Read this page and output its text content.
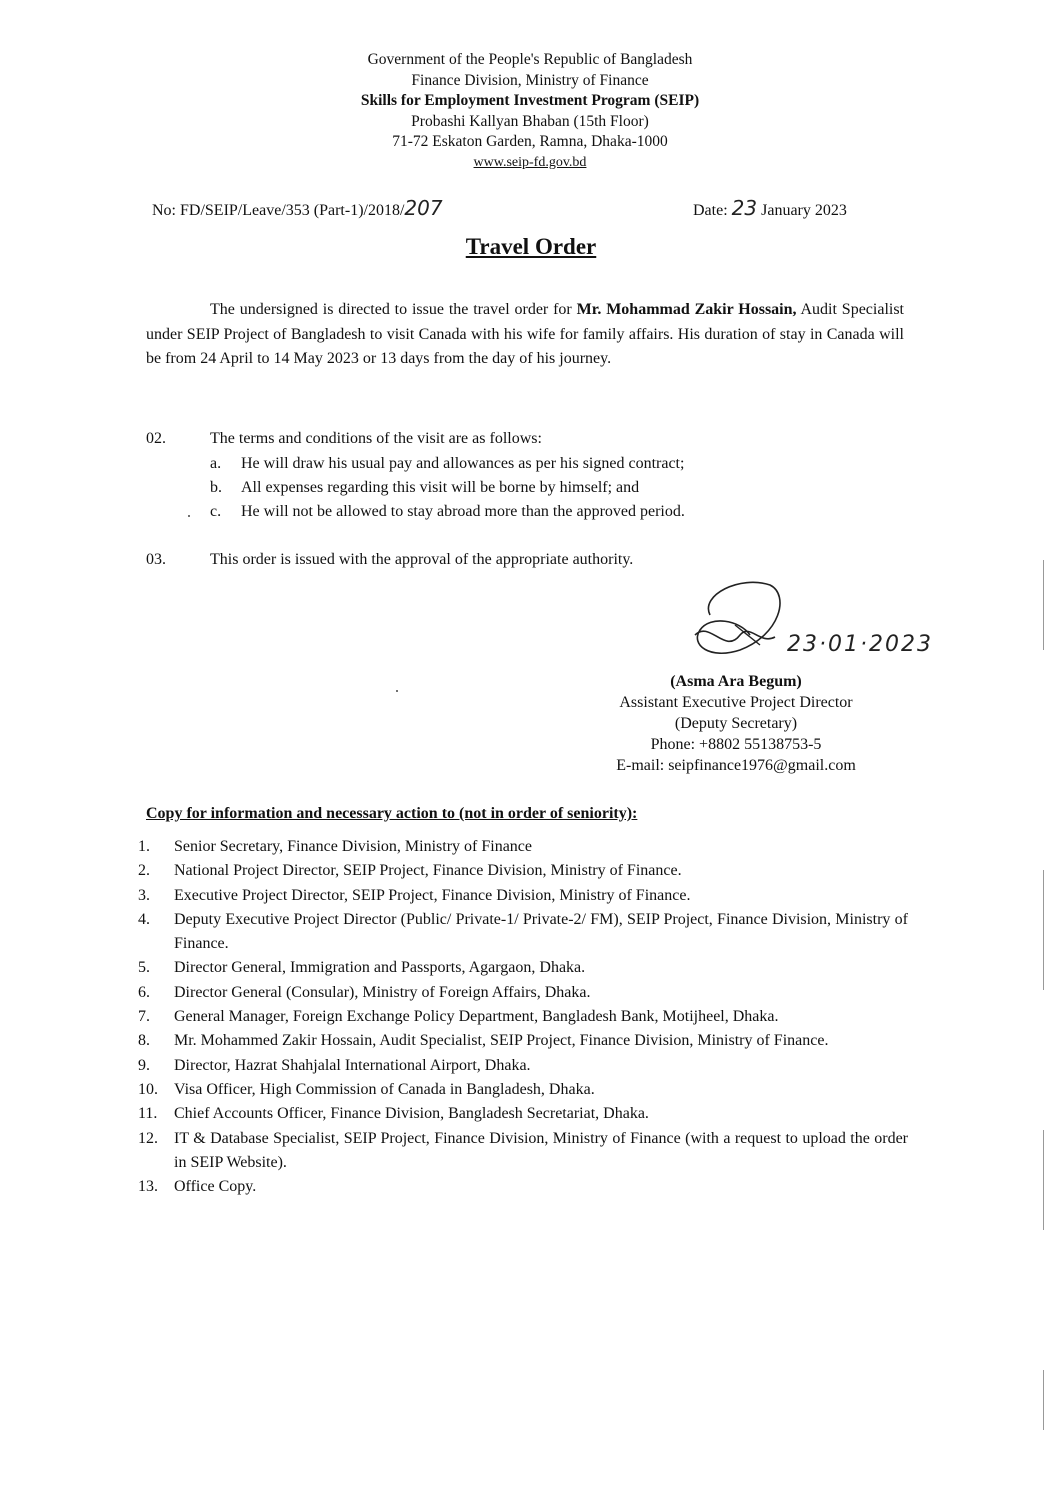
Government of the People's Republic of Bangladesh
Finance Division, Ministry of Finance
Skills for Employment Investment Program (SEIP)
Probashi Kallyan Bhaban (15th Floor)
71-72 Eskaton Garden, Ramna, Dhaka-1000
www.seip-fd.gov.bd
No: FD/SEIP/Leave/353 (Part-1)/2018/207	Date: 23 January 2023
Travel Order
The undersigned is directed to issue the travel order for Mr. Mohammad Zakir Hossain, Audit Specialist under SEIP Project of Bangladesh to visit Canada with his wife for family affairs. His duration of stay in Canada will be from 24 April to 14 May 2023 or 13 days from the day of his journey.
02.	The terms and conditions of the visit are as follows:
a. He will draw his usual pay and allowances as per his signed contract;
b. All expenses regarding this visit will be borne by himself; and
c. He will not be allowed to stay abroad more than the approved period.
03.	This order is issued with the approval of the appropriate authority.
23·01·2023
(Asma Ara Begum)
Assistant Executive Project Director
(Deputy Secretary)
Phone: +8802 55138753-5
E-mail: seipfinance1976@gmail.com
Copy for information and necessary action to (not in order of seniority):
1.	Senior Secretary, Finance Division, Ministry of Finance
2.	National Project Director, SEIP Project, Finance Division, Ministry of Finance.
3.	Executive Project Director, SEIP Project, Finance Division, Ministry of Finance.
4.	Deputy Executive Project Director (Public/ Private-1/ Private-2/ FM), SEIP Project, Finance Division, Ministry of Finance.
5.	Director General, Immigration and Passports, Agargaon, Dhaka.
6.	Director General (Consular), Ministry of Foreign Affairs, Dhaka.
7.	General Manager, Foreign Exchange Policy Department, Bangladesh Bank, Motijheel, Dhaka.
8.	Mr. Mohammed Zakir Hossain, Audit Specialist, SEIP Project, Finance Division, Ministry of Finance.
9.	Director, Hazrat Shahjalal International Airport, Dhaka.
10.	Visa Officer, High Commission of Canada in Bangladesh, Dhaka.
11.	Chief Accounts Officer, Finance Division, Bangladesh Secretariat, Dhaka.
12.	IT & Database Specialist, SEIP Project, Finance Division, Ministry of Finance (with a request to upload the order in SEIP Website).
13.	Office Copy.
